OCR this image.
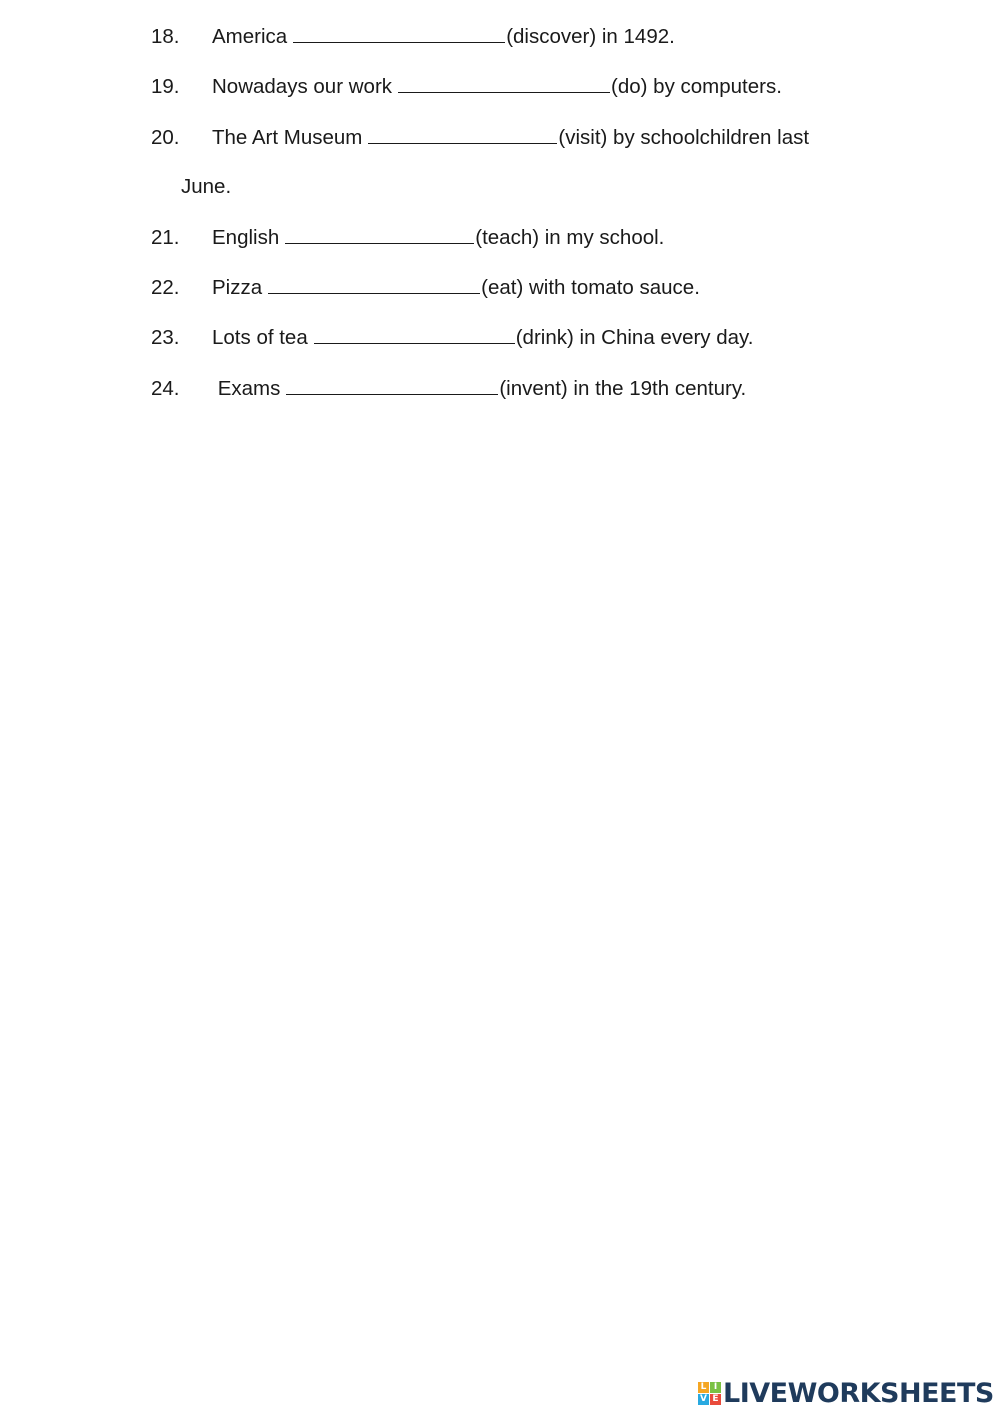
18. America	(discover) in 1492.
19. Nowadays our work	(do) by computers.
20. The Art Museum	(visit) by schoolchildren last
June.
21. English	(teach) in my school.
22. Pizza	(eat) with tomato sauce.
23. Lots of tea	(drink) in China every day.
24. Exams	(invent) in the 19th century.
L I
V E LIVEWORKSHEETS
